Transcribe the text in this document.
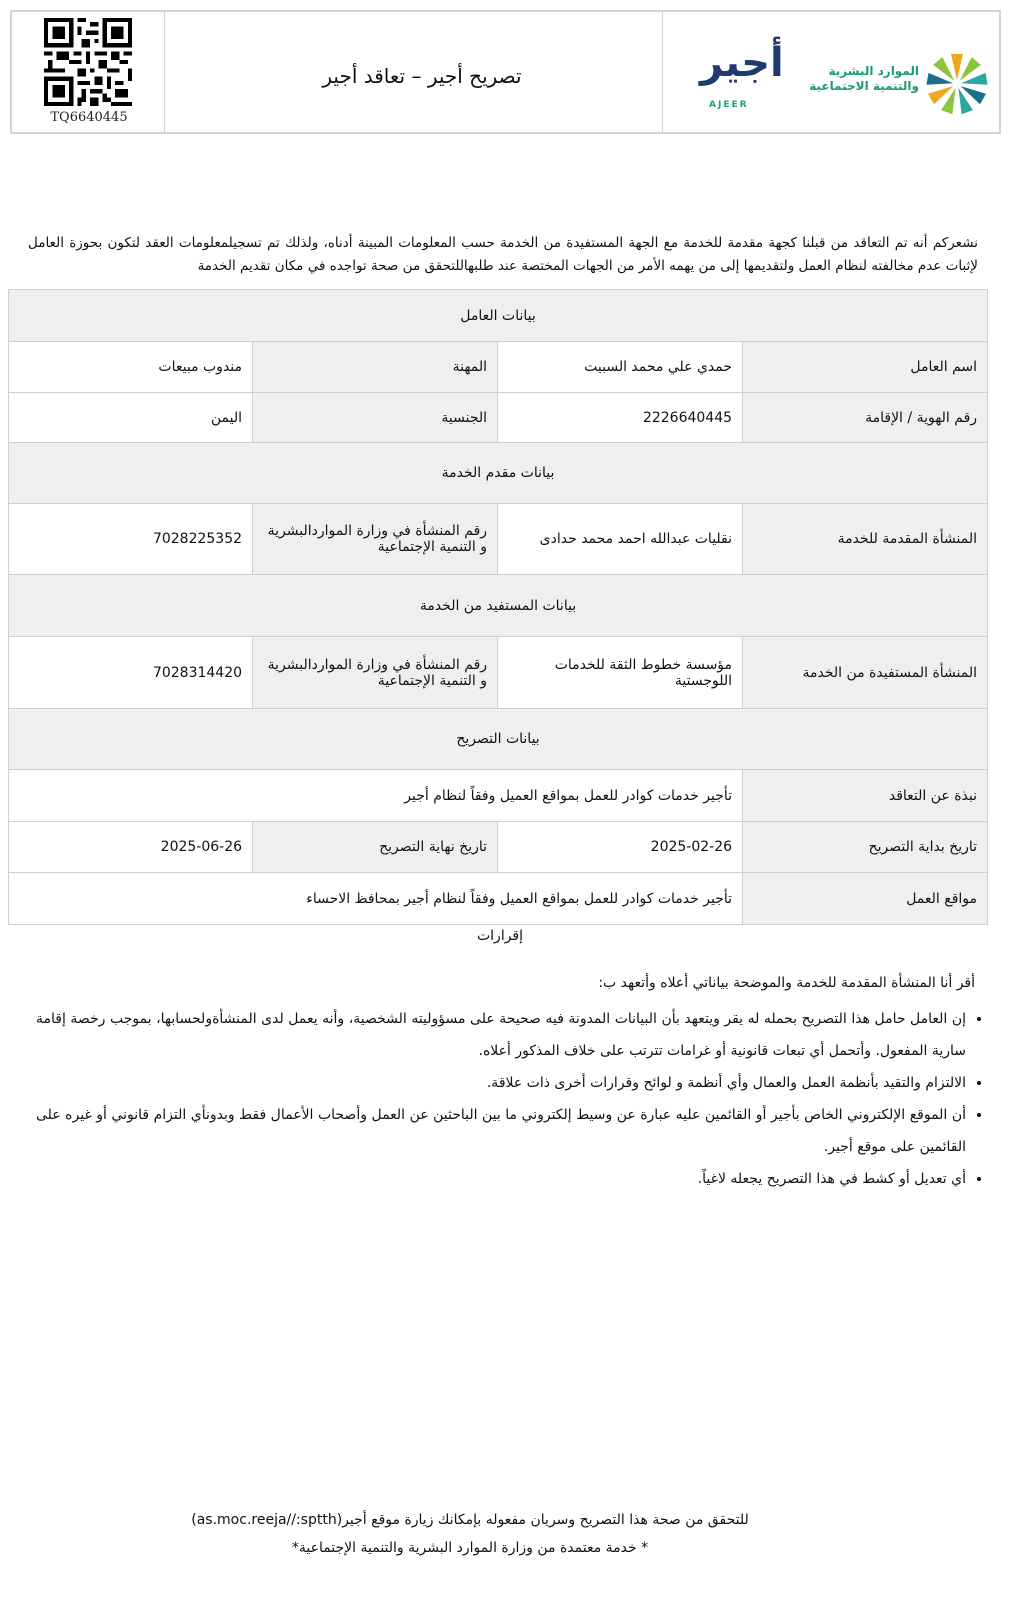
TQ6640445
تصريح أجير – تعاقد أجير	أجير
AJEER
الموارد البشرية
والتنمية الاجتماعية
نشعركم أنه تم التعاقد من قبلنا كجهة مقدمة للخدمة مع الجهة المستفيدة من الخدمة حسب المعلومات المبينة أدناه، ولذلك تم تسجيلمعلومات العقد لتكون بحوزة العامل لإثبات عدم مخالفته لنظام العمل ولتقديمها إلى من يهمه الأمر من الجهات المختصة عند طلبهاللتحقق من صحة تواجده في مكان تقديم الخدمة
بيانات العامل			
اسم العامل	حمدي علي محمد السبيت	المهنة	مندوب مبيعات
رقم الهوية / الإقامة	2226640445	الجنسية	اليمن
بيانات مقدم الخدمة			
المنشأة المقدمة للخدمة	نقليات عبدالله احمد محمد حدادى	رقم المنشأة في وزارة المواردالبشرية و التنمية الإجتماعية	7028225352
بيانات المستفيد من الخدمة			
المنشأة المستفيدة من الخدمة	مؤسسة خطوط الثقة للخدمات اللوجستية	رقم المنشأة في وزارة المواردالبشرية و التنمية الإجتماعية	7028314420
بيانات التصريح			
نبذة عن التعاقد	تأجير خدمات كوادر للعمل بمواقع العميل وفقاً لنظام أجير		
تاريخ بداية التصريح	2025-02-26	تاريخ نهاية التصريح	2025-06-26
مواقع العمل	تأجير خدمات كوادر للعمل بمواقع العميل وفقاً لنظام أجير بمحافظ الاحساء		
إقرارات
أقر أنا المنشأة المقدمة للخدمة والموضحة بياناتي أعلاه وأتعهد ب:
• إن العامل حامل هذا التصريح بحمله له يقر ويتعهد بأن البيانات المدونة فيه صحيحة على مسؤوليته الشخصية، وأنه يعمل لدى المنشأةولحسابها، بموجب رخصة إقامة سارية المفعول. وأتحمل أي تبعات قانونية أو غرامات تترتب على خلاف المذكور أعلاه.
• الالتزام والتقيد بأنظمة العمل والعمال وأي أنظمة و لوائح وقرارات أخرى ذات علاقة.
• أن الموقع الإلكتروني الخاص بأجير أو القائمين عليه عبارة عن وسيط إلكتروني ما بين الباحثين عن العمل وأصحاب الأعمال فقط وبدونأي التزام قانوني أو غيره على القائمين على موقع أجير.
• أي تعديل أو كشط في هذا التصريح يجعله لاغياً.
للتحقق من صحة هذا التصريح وسريان مفعوله بإمكانك زيارة موقع أجير(as.moc.reeja//:sptth)
* خدمة معتمدة من وزارة الموارد البشرية والتنمية الإجتماعية*
